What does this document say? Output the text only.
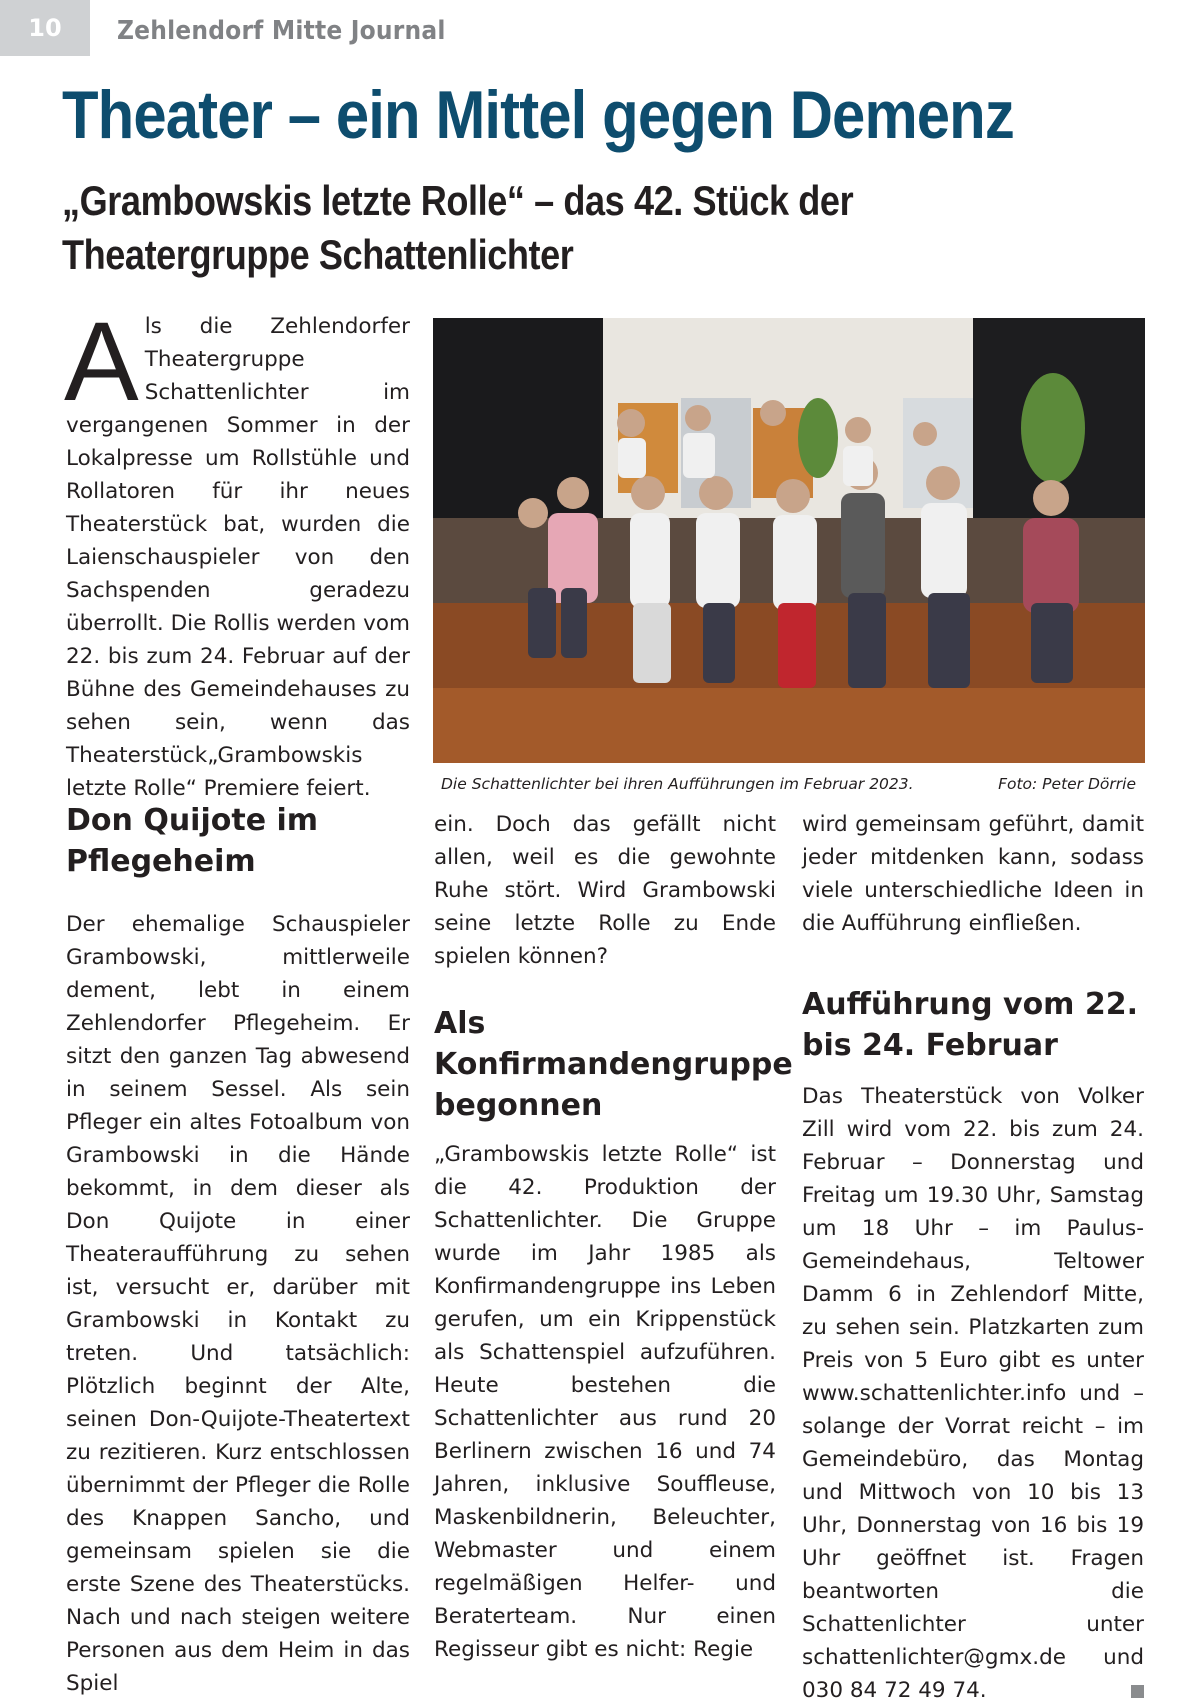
10	Zehlendorf Mitte Journal
Theater – ein Mittel gegen Demenz
„Grambowskis letzte Rolle“ – das 42. Stück der Theatergruppe Schattenlichter

Als die Zehlendorfer Theatergruppe Schattenlichter im vergangenen Sommer in der Lokalpresse um Rollstühle und Rollatoren für ihr neues Theaterstück bat, wurden die Laienschauspieler von den Sachspenden geradezu überrollt. Die Rollis werden vom 22. bis zum 24. Februar auf der Bühne des Gemeindehauses zu sehen sein, wenn das Theaterstück„Grambowskis letzte Rolle“ Premiere feiert.	Die Schattenlichter bei ihren Aufführungen im Februar 2023.	Foto: Peter Dörrie
Don Quijote im Pflegeheim

Der ehemalige Schauspieler Grambowski, mittlerweile dement, lebt in einem Zehlendorfer Pflegeheim. Er sitzt den ganzen Tag abwesend in seinem Sessel. Als sein Pfleger ein altes Fotoalbum von Grambowski in die Hände bekommt, in dem dieser als Don Quijote in einer Theateraufführung zu sehen ist, versucht er, darüber mit Grambowski in Kontakt zu treten. Und tatsächlich: Plötzlich beginnt der Alte, seinen Don-Quijote-Theatertext zu rezitieren. Kurz entschlossen übernimmt der Pfleger die Rolle des Knappen Sancho, und gemeinsam spielen sie die erste Szene des Theaterstücks. Nach und nach steigen weitere Personen aus dem Heim in das Spiel

ein. Doch das gefällt nicht allen, weil es die gewohnte Ruhe stört. Wird Grambowski seine letzte Rolle zu Ende spielen können?

Als Konfirmandengruppe begonnen

„Grambowskis letzte Rolle“ ist die 42. Produktion der Schattenlichter. Die Gruppe wurde im Jahr 1985 als Konfirmandengruppe ins Leben gerufen, um ein Krippenstück als Schattenspiel aufzuführen. Heute bestehen die Schattenlichter aus rund 20 Berlinern zwischen 16 und 74 Jahren, inklusive Souffleuse, Maskenbildnerin, Beleuchter, Webmaster und einem regelmäßigen Helfer- und Beraterteam. Nur einen Regisseur gibt es nicht: Regie

wird gemeinsam geführt, damit jeder mitdenken kann, sodass viele unterschiedliche Ideen in die Aufführung einfließen.

Aufführung vom 22. bis 24. Februar

Das Theaterstück von Volker Zill wird vom 22. bis zum 24. Februar – Donnerstag und Freitag um 19.30 Uhr, Samstag um 18 Uhr – im Paulus-Gemeindehaus, Teltower Damm 6 in Zehlendorf Mitte, zu sehen sein. Platzkarten zum Preis von 5 Euro gibt es unter www.schattenlichter.info und – solange der Vorrat reicht – im Gemeindebüro, das Montag und Mittwoch von 10 bis 13 Uhr, Donnerstag von 16 bis 19 Uhr geöffnet ist. Fragen beantworten die Schattenlichter unter schattenlichter@gmx.de und 030 84 72 49 74.
